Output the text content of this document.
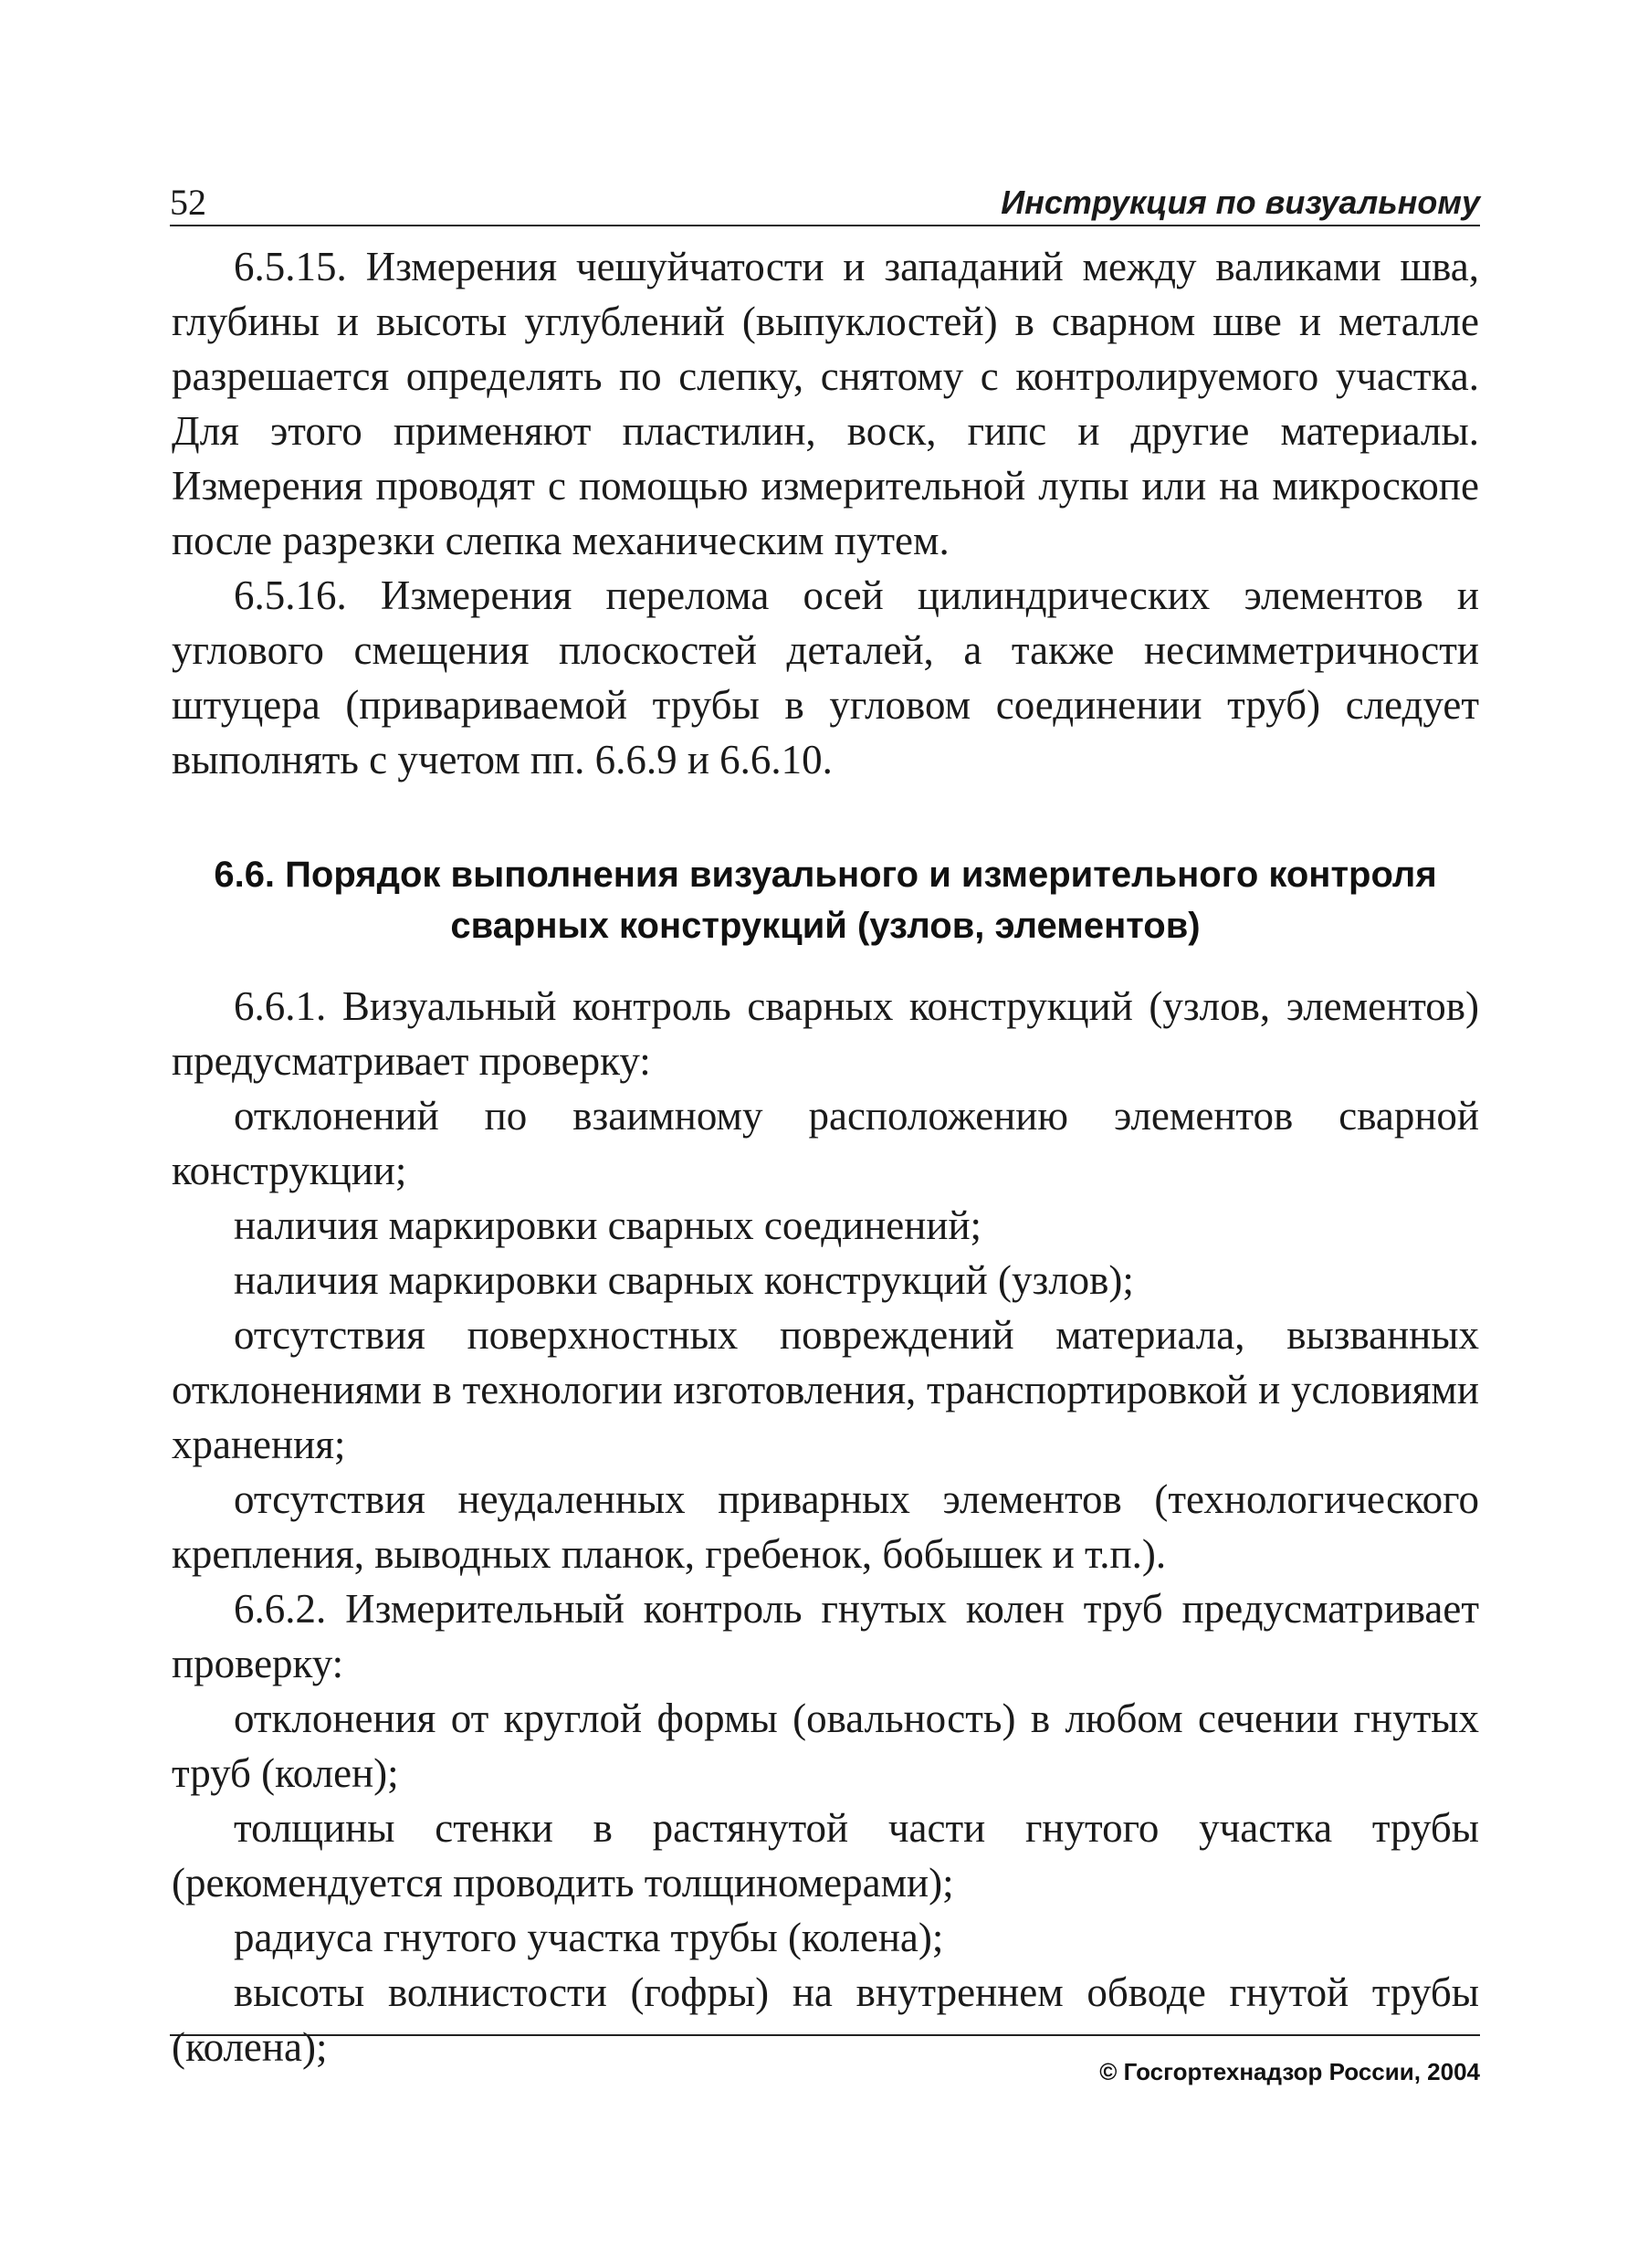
52	Инструкция по визуальному

6.5.15. Измерения чешуйчатости и западаний между валиками шва, глубины и высоты углублений (выпуклостей) в сварном шве и металле разрешается определять по слепку, снятому с контролируемого участка. Для этого применяют пластилин, воск, гипс и другие материалы. Измерения проводят с помощью измерительной лупы или на микроскопе после разрезки слепка механическим путем.

6.5.16. Измерения перелома осей цилиндрических элементов и углового смещения плоскостей деталей, а также несимметричности штуцера (привариваемой трубы в угловом соединении труб) следует выполнять с учетом пп. 6.6.9 и 6.6.10.

6.6. Порядок выполнения визуального и измерительного контроля
сварных конструкций (узлов, элементов)

6.6.1. Визуальный контроль сварных конструкций (узлов, элементов) предусматривает проверку:

отклонений по взаимному расположению элементов сварной конструкции;

наличия маркировки сварных соединений;

наличия маркировки сварных конструкций (узлов);

отсутствия поверхностных повреждений материала, вызванных отклонениями в технологии изготовления, транспортировкой и условиями хранения;

отсутствия неудаленных приварных элементов (технологического крепления, выводных планок, гребенок, бобышек и т.п.).

6.6.2. Измерительный контроль гнутых колен труб предусматривает проверку:

отклонения от круглой формы (овальность) в любом сечении гнутых труб (колен);

толщины стенки в растянутой части гнутого участка трубы (рекомендуется проводить толщиномерами);

радиуса гнутого участка трубы (колена);

высоты волнистости (гофры) на внутреннем обводе гнутой трубы (колена);

© Госгортехнадзор России, 2004
